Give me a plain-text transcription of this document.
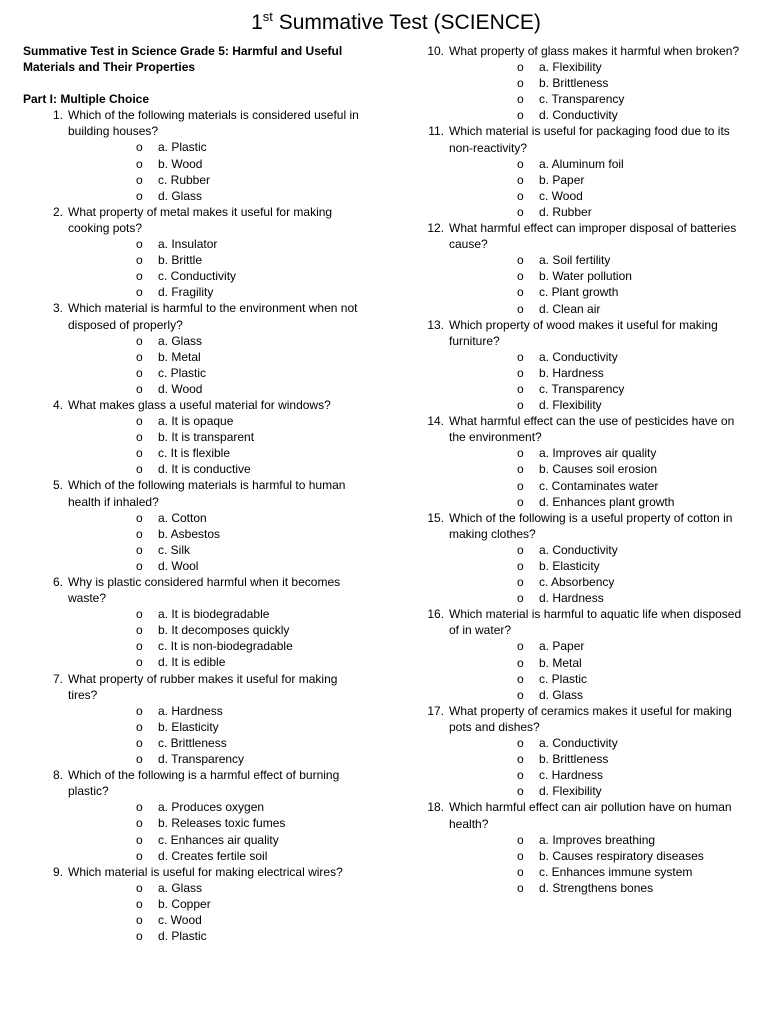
1st Summative Test (SCIENCE)
Summative Test in Science Grade 5: Harmful and Useful Materials and Their Properties
Part I: Multiple Choice
1. Which of the following materials is considered useful in building houses?
o a. Plastic
o b. Wood
o c. Rubber
o d. Glass
2. What property of metal makes it useful for making cooking pots?
o a. Insulator
o b. Brittle
o c. Conductivity
o d. Fragility
3. Which material is harmful to the environment when not disposed of properly?
o a. Glass
o b. Metal
o c. Plastic
o d. Wood
4. What makes glass a useful material for windows?
o a. It is opaque
o b. It is transparent
o c. It is flexible
o d. It is conductive
5. Which of the following materials is harmful to human health if inhaled?
o a. Cotton
o b. Asbestos
o c. Silk
o d. Wool
6. Why is plastic considered harmful when it becomes waste?
o a. It is biodegradable
o b. It decomposes quickly
o c. It is non-biodegradable
o d. It is edible
7. What property of rubber makes it useful for making tires?
o a. Hardness
o b. Elasticity
o c. Brittleness
o d. Transparency
8. Which of the following is a harmful effect of burning plastic?
o a. Produces oxygen
o b. Releases toxic fumes
o c. Enhances air quality
o d. Creates fertile soil
9. Which material is useful for making electrical wires?
o a. Glass
o b. Copper
o c. Wood
o d. Plastic
10. What property of glass makes it harmful when broken?
o a. Flexibility
o b. Brittleness
o c. Transparency
o d. Conductivity
11. Which material is useful for packaging food due to its non-reactivity?
o a. Aluminum foil
o b. Paper
o c. Wood
o d. Rubber
12. What harmful effect can improper disposal of batteries cause?
o a. Soil fertility
o b. Water pollution
o c. Plant growth
o d. Clean air
13. Which property of wood makes it useful for making furniture?
o a. Conductivity
o b. Hardness
o c. Transparency
o d. Flexibility
14. What harmful effect can the use of pesticides have on the environment?
o a. Improves air quality
o b. Causes soil erosion
o c. Contaminates water
o d. Enhances plant growth
15. Which of the following is a useful property of cotton in making clothes?
o a. Conductivity
o b. Elasticity
o c. Absorbency
o d. Hardness
16. Which material is harmful to aquatic life when disposed of in water?
o a. Paper
o b. Metal
o c. Plastic
o d. Glass
17. What property of ceramics makes it useful for making pots and dishes?
o a. Conductivity
o b. Brittleness
o c. Hardness
o d. Flexibility
18. Which harmful effect can air pollution have on human health?
o a. Improves breathing
o b. Causes respiratory diseases
o c. Enhances immune system
o d. Strengthens bones
